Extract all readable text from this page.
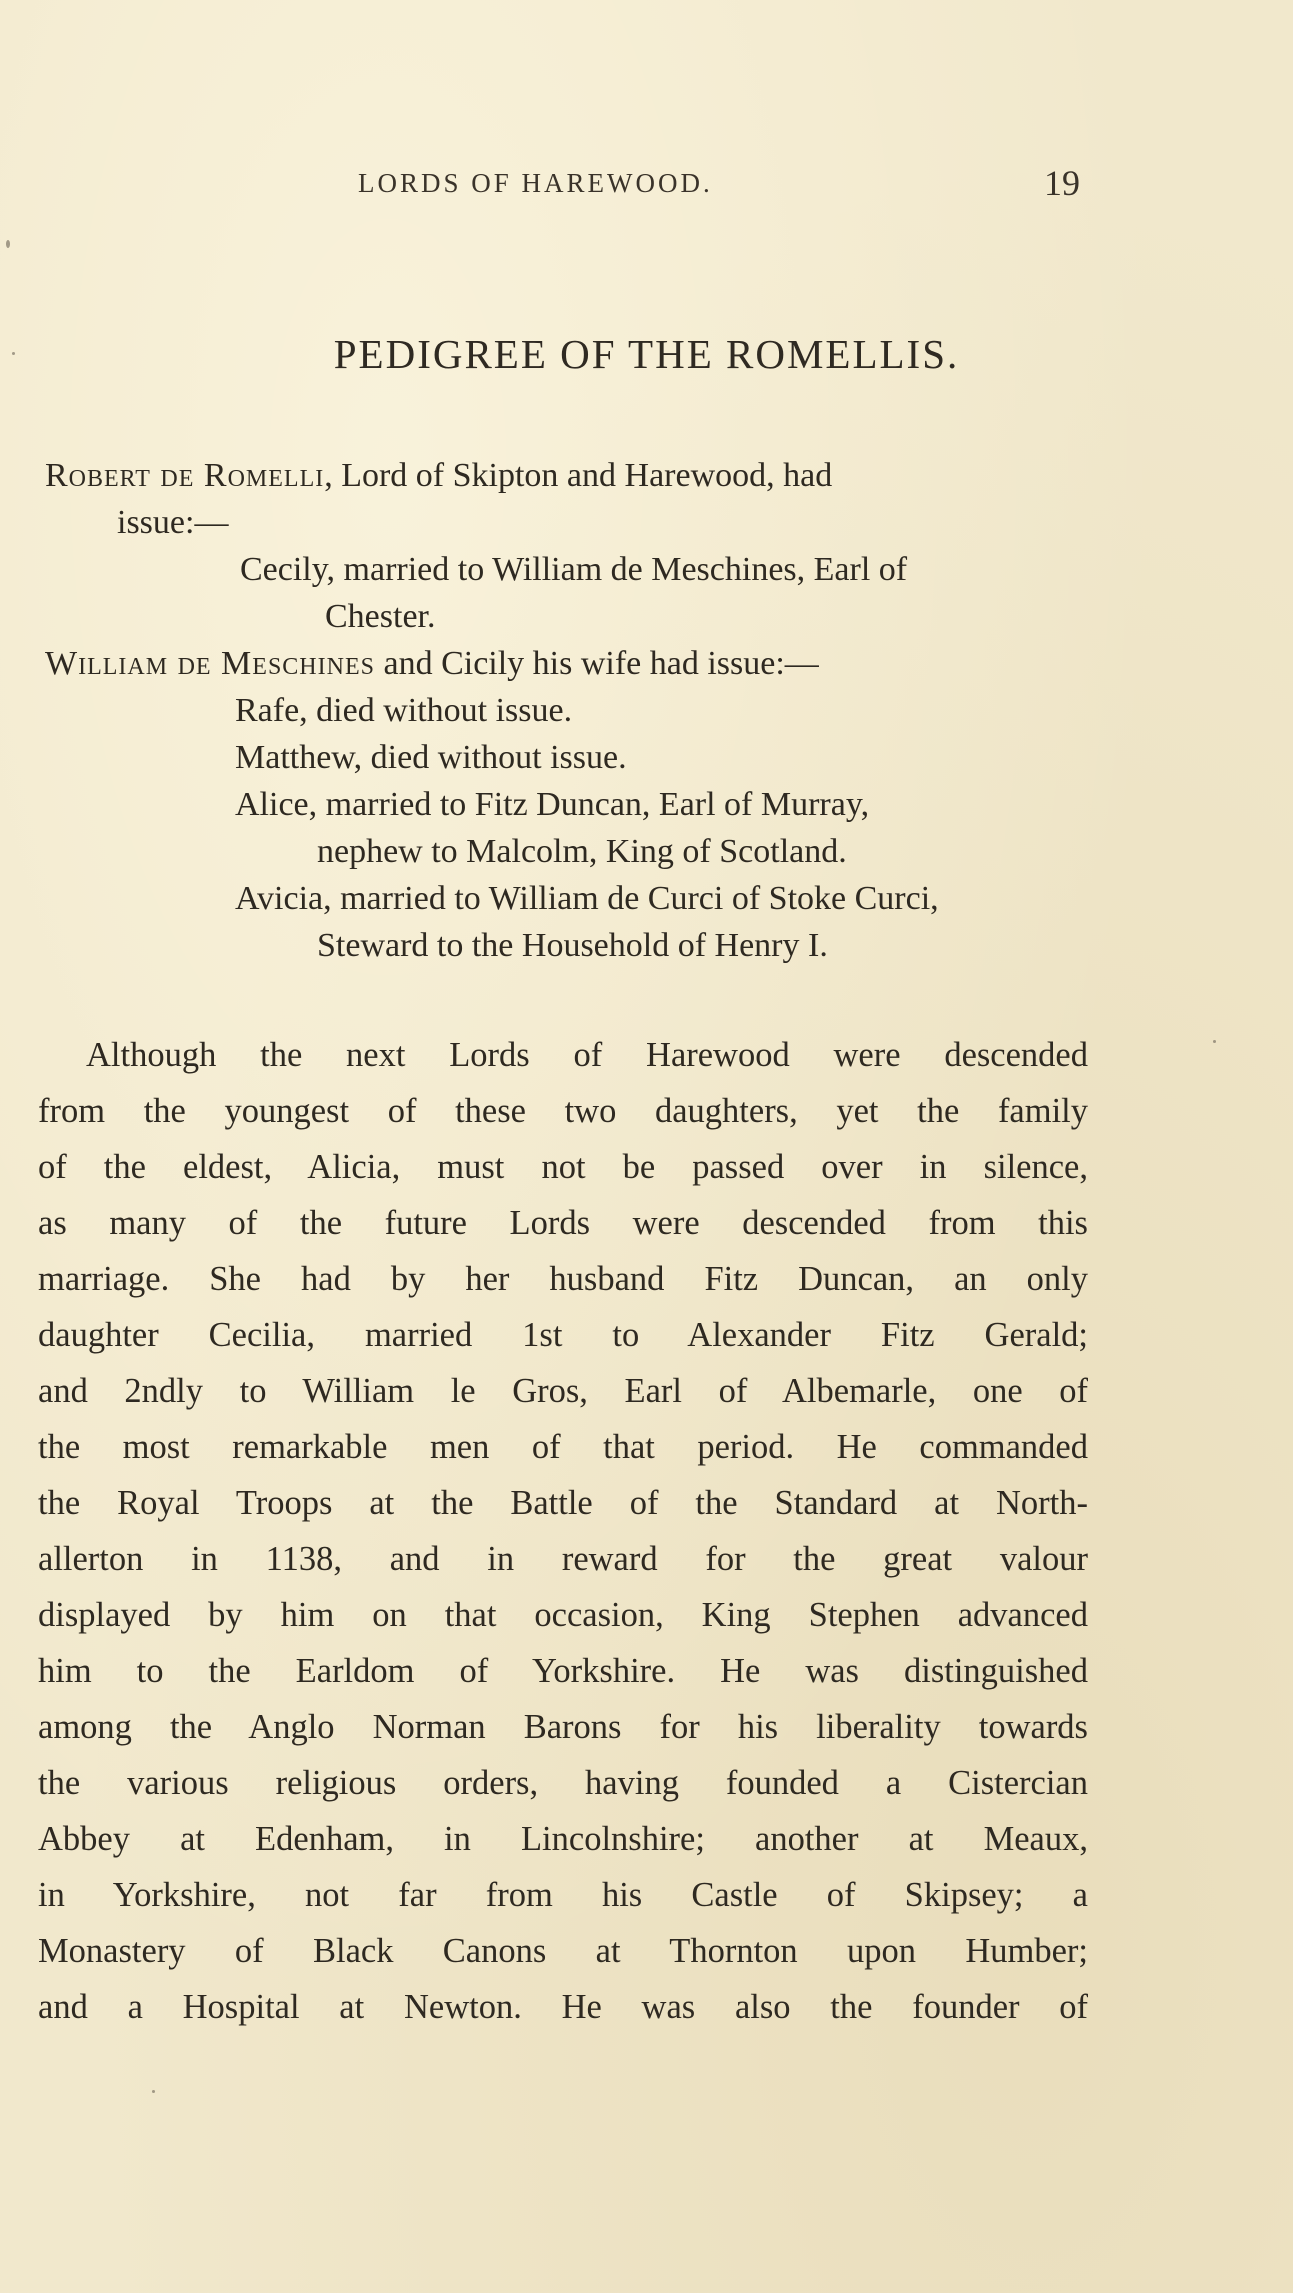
LORDS OF HAREWOOD.	19
PEDIGREE OF THE ROMELLIS.
Robert de Romelli, Lord of Skipton and Harewood, had
issue:—
Cecily, married to William de Meschines, Earl of
Chester.
William de Meschines and Cicily his wife had issue:—
Rafe, died without issue.
Matthew, died without issue.
Alice, married to Fitz Duncan, Earl of Murray,
nephew to Malcolm, King of Scotland.
Avicia, married to William de Curci of Stoke Curci,
Steward to the Household of Henry I.
Although the next Lords of Harewood were descended
from the youngest of these two daughters, yet the family
of the eldest, Alicia, must not be passed over in silence,
as many of the future Lords were descended from this
marriage. She had by her husband Fitz Duncan, an only
daughter Cecilia, married 1st to Alexander Fitz Gerald;
and 2ndly to William le Gros, Earl of Albemarle, one of
the most remarkable men of that period. He commanded
the Royal Troops at the Battle of the Standard at North-
allerton in 1138, and in reward for the great valour
displayed by him on that occasion, King Stephen advanced
him to the Earldom of Yorkshire. He was distinguished
among the Anglo Norman Barons for his liberality towards
the various religious orders, having founded a Cistercian
Abbey at Edenham, in Lincolnshire; another at Meaux,
in Yorkshire, not far from his Castle of Skipsey; a
Monastery of Black Canons at Thornton upon Humber;
and a Hospital at Newton. He was also the founder of
